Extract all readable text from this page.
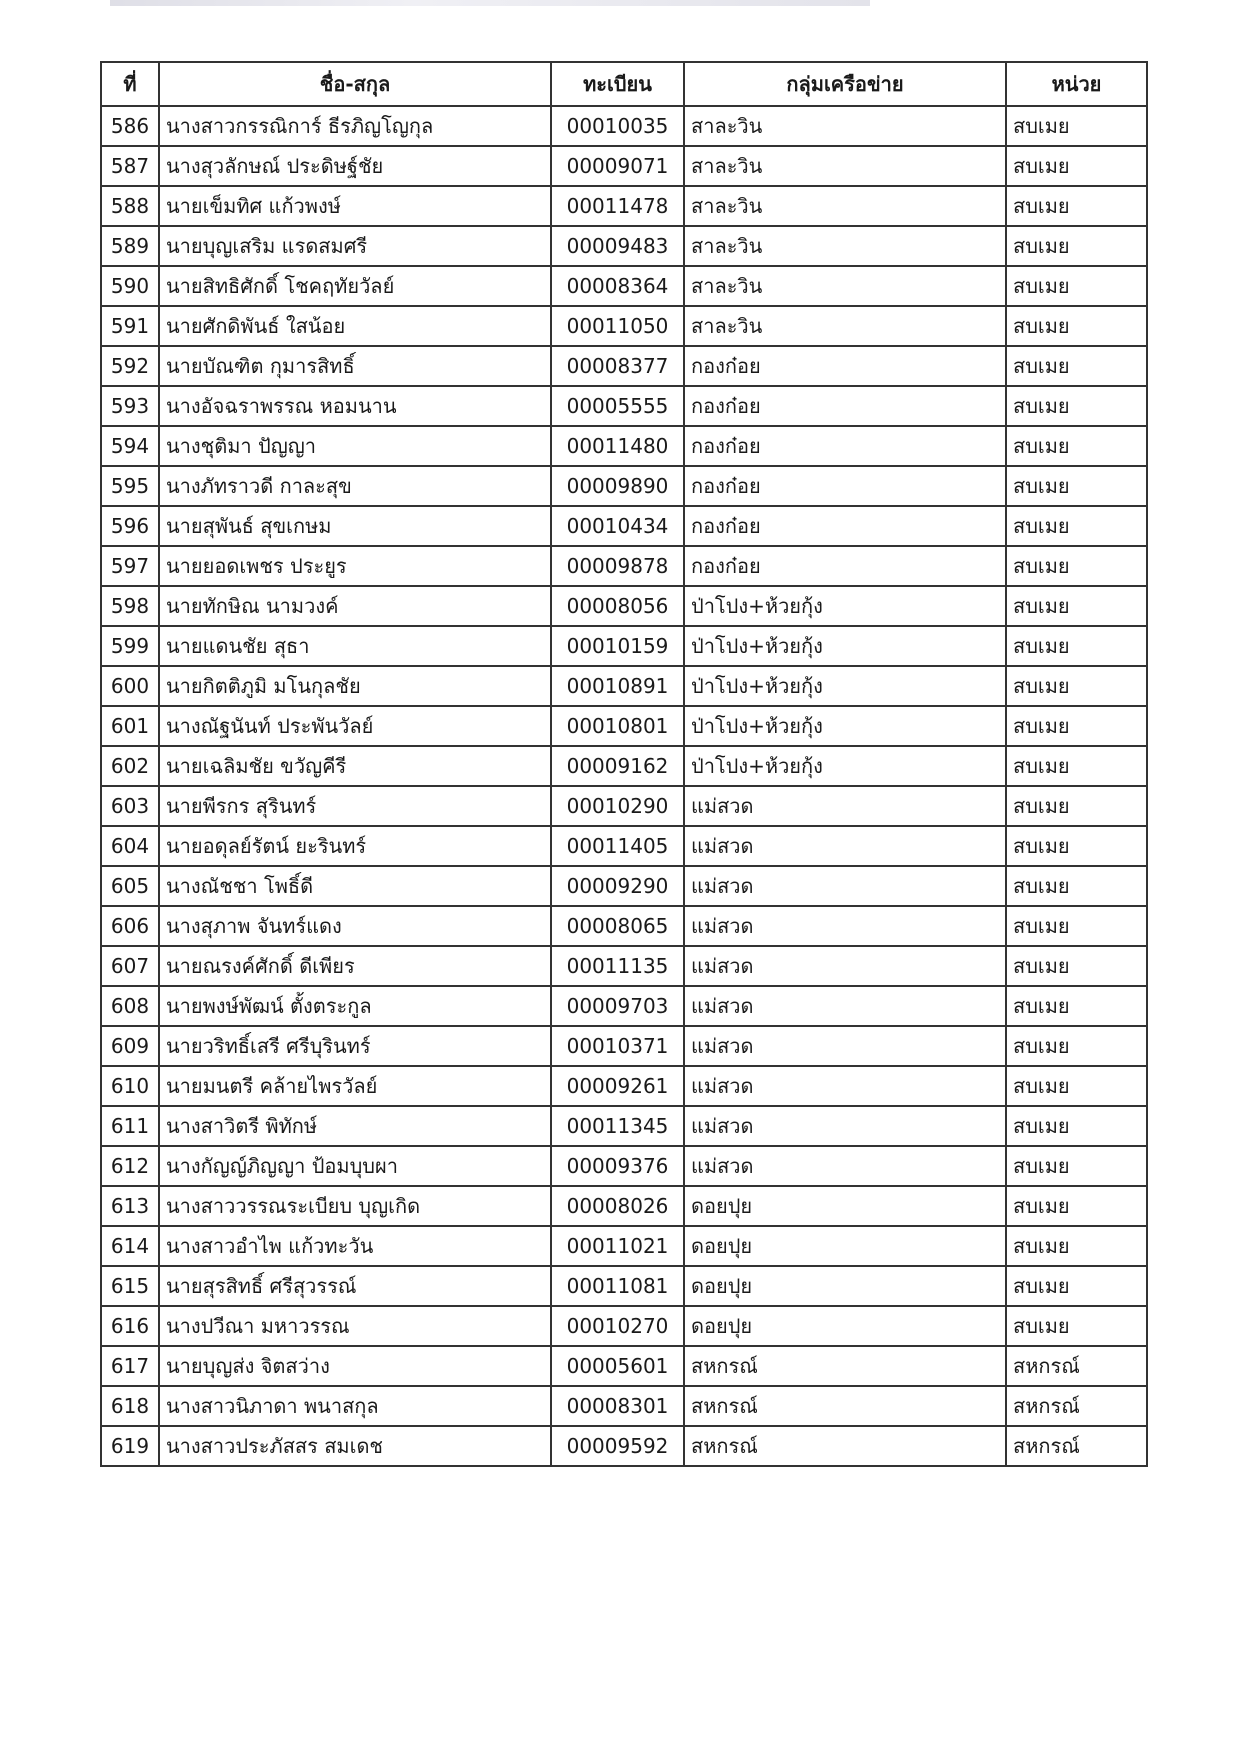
ที่	ชื่อ-สกุล	ทะเบียน	กลุ่มเครือข่าย	หน่วย
586	นางสาวกรรณิการ์ ธีรภิญโญกุล	00010035	สาละวิน	สบเมย
587	นางสุวลักษณ์ ประดิษฐ์ชัย	00009071	สาละวิน	สบเมย
588	นายเข็มทิศ แก้วพงษ์	00011478	สาละวิน	สบเมย
589	นายบุญเสริม แรดสมศรี	00009483	สาละวิน	สบเมย
590	นายสิทธิศักดิ์ โชคฤทัยวัลย์	00008364	สาละวิน	สบเมย
591	นายศักดิพันธ์ ใสน้อย	00011050	สาละวิน	สบเมย
592	นายบัณฑิต กุมารสิทธิ์	00008377	กองก๋อย	สบเมย
593	นางอัจฉราพรรณ หอมนาน	00005555	กองก๋อย	สบเมย
594	นางชุติมา ปัญญา	00011480	กองก๋อย	สบเมย
595	นางภัทราวดี กาละสุข	00009890	กองก๋อย	สบเมย
596	นายสุพันธ์ สุขเกษม	00010434	กองก๋อย	สบเมย
597	นายยอดเพชร ประยูร	00009878	กองก๋อย	สบเมย
598	นายทักษิณ นามวงค์	00008056	ป่าโปง+ห้วยกุ้ง	สบเมย
599	นายแดนชัย สุธา	00010159	ป่าโปง+ห้วยกุ้ง	สบเมย
600	นายกิตติภูมิ มโนกุลชัย	00010891	ป่าโปง+ห้วยกุ้ง	สบเมย
601	นางณัฐนันท์ ประพันวัลย์	00010801	ป่าโปง+ห้วยกุ้ง	สบเมย
602	นายเฉลิมชัย ขวัญคีรี	00009162	ป่าโปง+ห้วยกุ้ง	สบเมย
603	นายพีรกร สุรินทร์	00010290	แม่สวด	สบเมย
604	นายอดุลย์รัตน์ ยะรินทร์	00011405	แม่สวด	สบเมย
605	นางณัชชา โพธิ์ดี	00009290	แม่สวด	สบเมย
606	นางสุภาพ จันทร์แดง	00008065	แม่สวด	สบเมย
607	นายณรงค์ศักดิ์ ดีเพียร	00011135	แม่สวด	สบเมย
608	นายพงษ์พัฒน์ ตั้งตระกูล	00009703	แม่สวด	สบเมย
609	นายวริทธิ์เสรี ศรีบุรินทร์	00010371	แม่สวด	สบเมย
610	นายมนตรี คล้ายไพรวัลย์	00009261	แม่สวด	สบเมย
611	นางสาวิตรี พิทักษ์	00011345	แม่สวด	สบเมย
612	นางกัญญ์ภิญญา ป้อมบุบผา	00009376	แม่สวด	สบเมย
613	นางสาววรรณระเบียบ บุญเกิด	00008026	ดอยปุย	สบเมย
614	นางสาวอำไพ แก้วทะวัน	00011021	ดอยปุย	สบเมย
615	นายสุรสิทธิ์ ศรีสุวรรณ์	00011081	ดอยปุย	สบเมย
616	นางปวีณา มหาวรรณ	00010270	ดอยปุย	สบเมย
617	นายบุญส่ง จิตสว่าง	00005601	สหกรณ์	สหกรณ์
618	นางสาวนิภาดา พนาสกุล	00008301	สหกรณ์	สหกรณ์
619	นางสาวประภัสสร สมเดช	00009592	สหกรณ์	สหกรณ์
